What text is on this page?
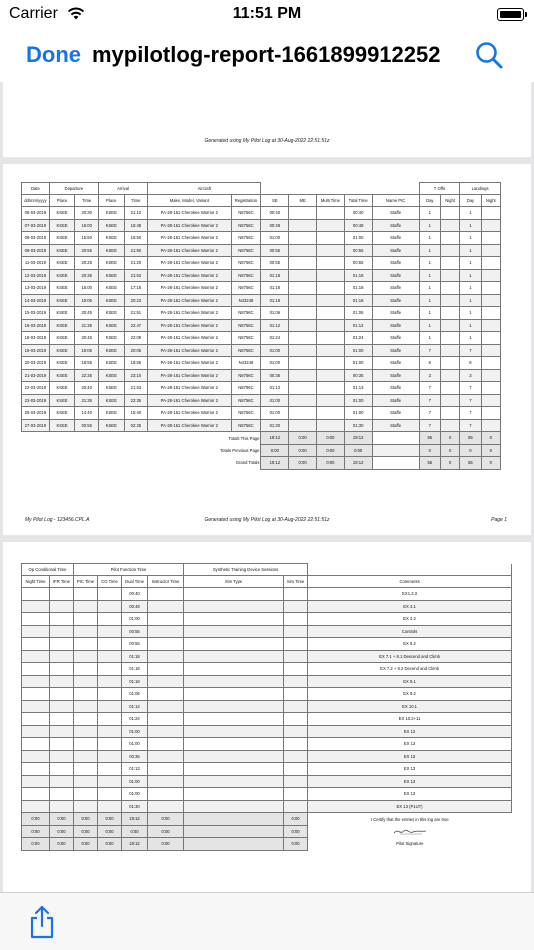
Carrier	11:51 PM
Done mypilotlog-report-1661899912252
Generated using My Pilot Log at 30-Aug-2022 22:51:51z
Date	Departure		Arrival		Aircraft							T Offs		Landings	
dd/mm/yyyy	Place	Time	Place	Time	Make, Model, Variant	Registration	SE	ME	Multi Time	Total Time	Name PIC	Day	Night	Day	Night
06-03-2019	KSEE	20:30	KSEE	21:10	PA-28-161 Cherokee Warrior 2	N8756C	00:40			00:40	Staffe	1		1	
07-03-2019	KSEE	16:00	KSEE	16:48	PA-28-161 Cherokee Warrior 2	N8756C	00:48			00:48	Staffe	1		1	
08-03-2019	KSEE	15:50	KSEE	16:50	PA-28-161 Cherokee Warrior 2	N8756C	01:00			01:00	Staffe	1		1	
09-03-2019	KSEE	20:55	KSEE	21:50	PA-28-161 Cherokee Warrior 2	N8756C	00:55			00:55	Staffe	1		1	
11-03-2019	KSEE	20:25	KSEE	21:20	PA-28-161 Cherokee Warrior 2	N8756C	00:55			00:55	Staffe	1		1	
12-03-2019	KSEE	20:35	KSEE	21:53	PA-28-161 Cherokee Warrior 2	N8756C	01:18			01:18	Staffe	1		1	
13-03-2019	KSEE	16:00	KSEE	17:18	PA-28-161 Cherokee Warrior 2	N8756C	01:18			01:18	Staffe	1		1	
14-03-2019	KSEE	19:05	KSEE	20:23	PA-28-161 Cherokee Warrior 2	N43248	01:18			01:18	Staffe	1		1	
15-03-2019	KSEE	20:45	KSEE	21:51	PA-28-161 Cherokee Warrior 2	N8756C	01:06			01:06	Staffe	1		1	
16-03-2019	KSEE	21:35	KSEE	22:47	PA-28-161 Cherokee Warrior 2	N8756C	01:12			01:12	Staffe	1		1	
18-03-2019	KSEE	20:45	KSEE	22:09	PA-28-161 Cherokee Warrior 2	N8756C	01:24			01:24	Staffe	1		1	
19-03-2019	KSEE	19:05	KSEE	20:05	PA-28-161 Cherokee Warrior 2	N8756C	01:00			01:00	Staffe	7		7	
20-03-2019	KSEE	18:55	KSEE	19:55	PA-28-161 Cherokee Warrior 2	N43248	01:00			01:00	Staffe	6		6	
21-03-2019	KSEE	22:35	KSEE	23:10	PA-28-161 Cherokee Warrior 2	N8756C	00:35			00:35	Staffe	3		3	
22-03-2019	KSEE	20:40	KSEE	21:53	PA-28-161 Cherokee Warrior 2	N8756C	01:13			01:13	Staffe	7		7	
23-03-2019	KSEE	21:35	KSEE	22:35	PA-28-161 Cherokee Warrior 2	N8756C	01:00			01:00	Staffe	7		7	
26-03-2019	KSEE	14:40	KSEE	15:40	PA-28-161 Cherokee Warrior 2	N8756C	01:00			01:00	Staffe	7		7	
27-03-2019	KSEE	00:55	KSEE	02:25	PA-28-161 Cherokee Warrior 2	N8756C	01:30			01:30	Staffe	7		7	
Totals This Page							19:12	0:00	0:00	19:12		55	0	55	0
Totals Previous Page							0:00	0:00	0:00	0:00		0	0	0	0
Grand Totals							19:12	0:00	0:00	19:12		55	0	55	0
My Pilot Log - 123456.CPL.A	Generated using My Pilot Log at 30-Aug-2022 22:51:51z	Page 1
Op Conditional Time		Pilot Function Time				Synthetic Training Device Sessions		
Night Time	IFR Time	PIC Time	CO Time	Dual Time	Instructor Time	Sim Type	Sim Time	Comments
				00:40				EX1,2,3
				00:48				EX 4.1
				01:00				EX 4.2
				00:55				Controls
				00:55				EX 6.2
				01:18				EX 7.1 + 8.1 Descend and Climb
				01:18				EX 7.2 + 8.2 Decend and Climb
				01:18				EX 9.1
				01:06				EX 9.2
				01:12				EX 10.1
				01:24				EX 10.2+11
				01:00				EX 12
				01:00				EX 13
				00:35				EX 13
				01:13				EX 13
				01:00				EX 13
				01:00				EX 13
				01:30				EX 13 (P1UT)
0:00	0:00	0:00	0:00	19:12	0:00		0:00	I Certify that the entries in this log are true
0:00	0:00	0:00	0:00	0:00	0:00		0:00	
0:00	0:00	0:00	0:00	19:12	0:00		0:00	Pilot Signature
